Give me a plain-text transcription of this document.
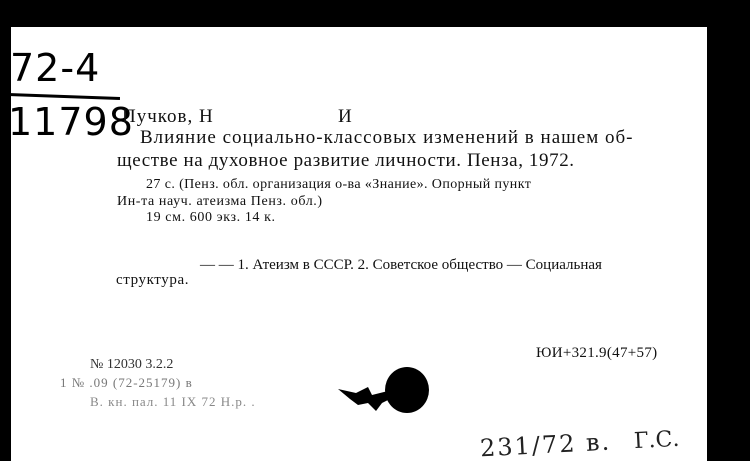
72-4
11798
Пучков, Н	И
Влияние социально-классовых изменений в нашем об-
ществе на духовное развитие личности. Пенза, 1972.
27 с. (Пенз. обл. организация о-ва «Знание». Опорный пункт
Ин-та науч. атеизма Пенз. обл.)
19 см. 600 экз. 14 к.
— — 1. Атеизм в СССР. 2. Советское общество — Социальная
структура.
ЮИ+321.9(47+57)
№ 12030 3.2.2
1 № .09 (72-25179) в
В. кн. пал. 11 IX 72 Н.р. .
231/72 в. Г.С.
